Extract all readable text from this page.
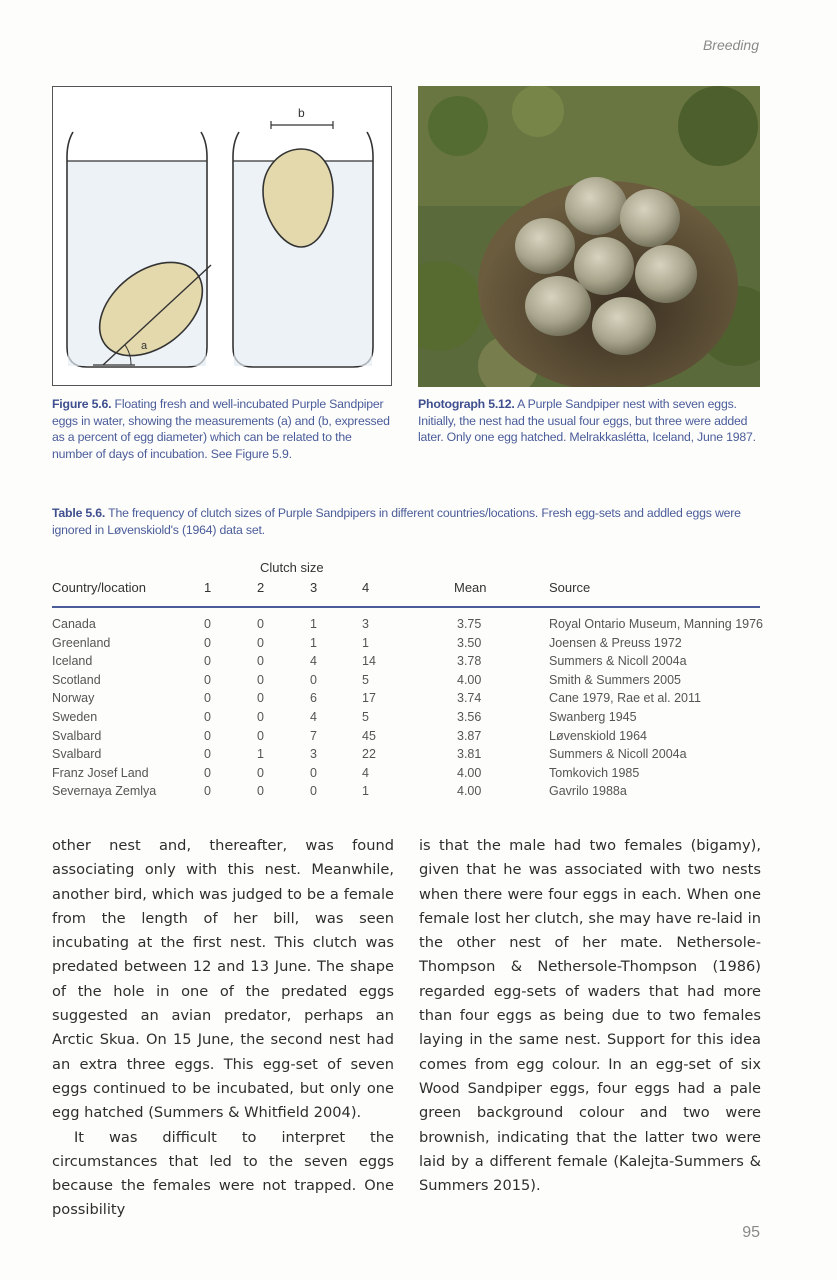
Breeding
a
b
Figure 5.6. Floating fresh and well-incubated Purple Sandpiper eggs in water, showing the measurements (a) and (b, expressed as a percent of egg diameter) which can be related to the number of days of incubation. See Figure 5.9.
Photograph 5.12. A Purple Sandpiper nest with seven eggs. Initially, the nest had the usual four eggs, but three were added later. Only one egg hatched. Melrakkaslétta, Iceland, June 1987.
Table 5.6. The frequency of clutch sizes of Purple Sandpipers in different countries/locations. Fresh egg-sets and addled eggs were ignored in Løvenskiold's (1964) data set.
Clutch size
Country/location	1	2	3	4	Mean	Source
Canada	0	0	1	3	3.75	Royal Ontario Museum, Manning 1976
Greenland	0	0	1	1	3.50	Joensen & Preuss 1972
Iceland	0	0	4	14	3.78	Summers & Nicoll 2004a
Scotland	0	0	0	5	4.00	Smith & Summers 2005
Norway	0	0	6	17	3.74	Cane 1979, Rae et al. 2011
Sweden	0	0	4	5	3.56	Swanberg 1945
Svalbard	0	0	7	45	3.87	Løvenskiold 1964
Svalbard	0	1	3	22	3.81	Summers & Nicoll 2004a
Franz Josef Land	0	0	0	4	4.00	Tomkovich 1985
Severnaya Zemlya	0	0	0	1	4.00	Gavrilo 1988a

other nest and, thereafter, was found associating only with this nest. Meanwhile, another bird, which was judged to be a female from the length of her bill, was seen incubating at the first nest. This clutch was predated between 12 and 13 June. The shape of the hole in one of the predated eggs suggested an avian predator, perhaps an Arctic Skua. On 15 June, the second nest had an extra three eggs. This egg-set of seven eggs continued to be incubated, but only one egg hatched (Summers & Whitfield 2004).

It was difficult to interpret the circumstances that led to the seven eggs because the females were not trapped. One possibility

is that the male had two females (bigamy), given that he was associated with two nests when there were four eggs in each. When one female lost her clutch, she may have re-laid in the other nest of her mate. Nethersole-Thompson & Nethersole-Thompson (1986) regarded egg-sets of waders that had more than four eggs as being due to two females laying in the same nest. Support for this idea comes from egg colour. In an egg-set of six Wood Sandpiper eggs, four eggs had a pale green background colour and two were brownish, indicating that the latter two were laid by a different female (Kalejta-Summers & Summers 2015).

95
